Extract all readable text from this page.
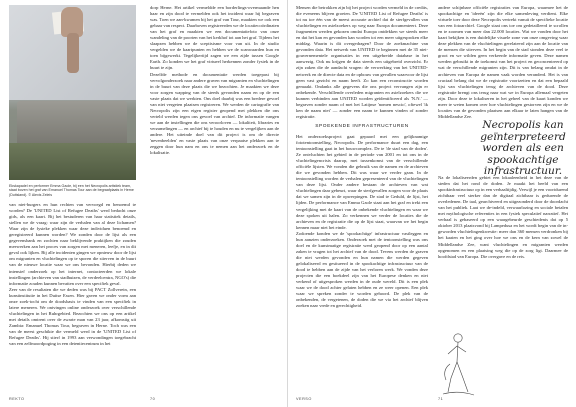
Ekskapadel en performer Emma Gaole, bij een het Necropolis artistiek team, staat boven het graf van Emanuel Thomas Tour aan de begraafplaats in Herne (Duitsland). © Alexis Zeleis

van niet-burgers en hun rechten van vervoegd en benoemd te worden? De 'UNITED List of Refugee Deaths' werd bedacht onze gids, als een kaart. Bij het bestuderen van haar statistiek details, stellen we de vraag: waar zijn de verhalen van al deze lichamen? Waar zijn de fysieke plekken waar deze individuen benoemd en geregistreerd kunnen worden? We zonden door de lijst als een gegevensbank en zochten naar beklijvende praktijken die zouden meewerken aan het proces van zorgen met meneren, leefje, en in dit geval ook lijken. Bij alle incidenten gingen we opnieuw door de lijst om migranten en vluchtelingen op te sporen die stierven in de buurt van de nieuwe locatie waar we ons bevonden. Hierbij deden we intensief onderzoek op het internet, contacteerden we lokale instellingen (archieven van stadhuizen, de verdeelcentra, NGO's) die informatie zouden kunnen bevatten over een specifiek geval.

Zeer van de resultaten die we deden was bij PACT Zollverein, een kunstinstitutie in het Duitse Essen. Hier gaven we onder vorm aan onze zoek-tocht om de doodsbasis te vinden van een specifiek in latere meneren. We ontvingen online onderzoek over verschillende vluchtelingen in het Ruhrgebied. Bezochten we ons op een artikel met details omtrent over de zwarte man van 23 jaar, afkomstig uit Zambia: Emanuel Thomas Tour, begraven in Herne. Toch was een van de meest geschikte die vermeld werd in de 'UNITED List of Refugee Deaths'. Hij stierf in 1993 aan verwondingen toegebracht van een zelfmoordpoging in een detentiecentrum in het

dorp Herne. Het artikel vermeldde een borderlings-overmaande hen haar en zijn dood te vermelden ook het incident waar hij begraven was. Toen we aan-kwamen bij het graf van Tour, maakten we ook een gebaar van respect. Daarboven registreerden we de locatiecoördinaten van het graf en maakten we een documentatiefoto van onze wandeling van de poorten van het kerkhof tot aan het graf. Tijdens het slaapzen hebben we de sceptisisme voor van uit. In de studio vergelden we de kaartpunten en hebben we de scanwaarden hun en toen bijgewerkt. Tegelijkertijd zagen we een zijde tussen Google Earth. Zo konden we het graf virtueel herkennen zonder fysiek in de buurt te zijn.

Dezelfde methode en documentatie werden toegepast bij vervolgonderzoek naar andere graven van migranten en vluchtelingen in de buurt van deze plaats die we bezochten. Je maakten we deze voor zorgen wapping van de steeds gevonden naam en op de een vaste plaats dat we werkten. Ons doel daarbij was een bredere gevoel van niet vergeten plaatsen registreren. We werden de cartografie van Necropolis zijn een eigen register geopend met plekken die ons verteld werden tegen ons gevoel van archief. De informatie vangen we aan de instellingen die ons veroorloven — lokaliteit, libraries en verzamelingen — en archief bij te houden en nu te vergelijken aan de andere. Het uiteinde doel van dit project is om de directe 'nevenbeelden' en vaste plaats van onze verpaatse plekken aan te zeggen door hun nam en ons te nemen aan het onderzoek en de lokalisatie.

REKTO	70

Mensen die betrokken zijn bij het project worden vermeld in de credits, die eveneens blijven groeien. De 'UNITED List of Refugee Deaths' is tot nu toe één van de meest accurate archief dat de sterfgevallen van vluchtelingen en asielzoekers op weg naar Europa documenteert. Deze fragmenten werden gekozen omdat Europa ontdekken we steeds meer en dat het kan en gevonden kan worden tot een meer uitgesproken elke middag. Waarin is dit overgedragen? Door de zoekmachine van gevonden data. Het netwerk van UNITED te beginnen met de 35 niet-gouvernementele organisaties in een uitgebreide database in het aanwezig. Ook nu krijgen de data steeds een uitgebreid overzicht. Er zijn zaken die de aandacht vragen: de verwerking van het UNITED-netwerk en de directe data en de opbouw van gevallen waarvoor de lijst geen vast gezicht en naam heeft. Zo kan een reconstructie worden gemaakt. Ondanks alle gegevens die ons project vervangen zijn er onbekende. Verschillende overleden migranten en asielzoekers die we kunnen verbinden aan UNITED worden geïdentificeerd als 'N.N.' — begraven zonder naam of met het Latijnse 'nomen nescio', oftewel 'ik ken de naam niet' — zonder een naam te kunnen vinden of zonder registratie.

SPOEKENDE INFRASTRUCTUREN

Het onderzoeksproject gaat gepaard met een gelijknamige fototentoonstelling, Necropolis. De performance duurt een dag, een tentoonstelling gaat in het bouwcomplex. De te 'de stad van de doden'. Ze ontvluchten het gebied in de periode van 2001 en tot ons in de vluchtelingencrisis daarop, met tussenkomst van de verschillende officiële lijsten. We vonden die gebruik van de namen en de archieven die we gevonden hebben. Dit was waar we verder gaan. In de tentoonstelling worden de verhalen gepresenteerd van de vluchtelingen van deze lijst. Onder andere bestaan de archieven van wat vluchtelingen daar gebeurt, waar de sterfgevallen zorgen voor de plaats dat we samen zijn in de opwerpingen. De stad te Geduld, de lijst, het lijden. De performance van Emma Gaole staat aan het graf en trekt een vergelijking met de kaart van de onbekende vluchtelingen en waar we deze spoken uit halen. Zo verkennen we verder de locaties die de archieven en de registratie die op de lijst staat, waarvan we het begin kennen maar niet het einde.

Zodoende konden we de 'spookachtige' infrastructuur vastleggen en hun aanzien onderzoeken. Onderzoek met de tentoonstelling was ons doel en de kunstmatige registratie werd geopend door op een aantal zaken te vragen tot het archief van de dood. Tevens werden de graven die niet werden gevonden en hun namen die werden gegeven gelokaliseerd en gesitueerd in de spookachtige infrastructuur van de dood te hebben aan de zijde van het verloren werk. We vonden deze projecten die een boekdeel zijn van het Europese denken en niet verkend of uitgesproken werden in de oude wereld. Dit is een plek waar we de dood achter gelaten hebben en ze weer openen. Een plek waar we spreken zonder te worden gehoord. De plek van de onbekenden, de vergetenen, de doden die we via het archief blijven zoeken naar vrede en gerechtigheid.

andere schijnbare officiële registraties van Europa, waarmee het de spookachtige en 'ideeën' zijn die elke samenleving verdient. Elke virtuele toer door deze Necropolis vertrekt vanuit de specifieke locatie van een fotoarchief. Google staat ons toe om gedetailleerd te scrollen en te zoomen van meer dan 22.000 locaties. Wat we vonden door het kaart bekijken is een duidelijke visuele zone van onze omgeving waar deze plekken van de vluchtelingen gerelateerd zijn aan de locatie van de mensen die stierven. In het begin van de stad stonden deze veel te groot en we wilden geen verkeerde informatie geven. Deze namen werden gebruikt in de toekomst van het project en geconcentreerd op wat de verschillende migranten zijn. Dit is van belang omdat in de archieven van Europa de namen vaak worden veranderd. Het is van cruciaal belang dat we de registratie voortzetten en dat een bepaald lijst van vluchtelingen terug de archieven van de dood. Deze registratie brengt ons terug naar wat we in Europa allemaal vergeten zijn. Door deze te lokaliseren in het geheel van de kaart konden we meer te weten komen over hoe vluchtelingen gestorven zijn en we de locaties van de gevonden plaatsen aan elkaar te laten hangen van de Middellandse Zee.

Necropolis kan geïnterpreteerd worden als een spookachtige infrastructuur.

Na de lokaliseerden gebiet een lokaaleenheid in het deze van de steden dat het rond de doden. Je maakt het beeld van een spookinfrastructuur op in een verhaaltijdig. Verwijl je een voortdurend zichtbaar veel sterker dan de digitaal zichtbaar is gedurende de overledenen. De taal, gearchiveerd en uitgezonderd door de doordacht van het publiek. Laat we de-indeld, verwaarlozing en sociale betalen met mythologische referenties in een fysiek speculatief narratief. Het verhaal is gebaseerd op een waargebeurde geschiedenis dat op 5 oktober 2013 plaatsvond bij Lampedusa en het wordt begin van de in-geworden vluchtelingenkwestie: meer dan 360 mensen verdronken bij het kaaien en het ging over hoe we ons en de kern van zowel de Middellandse Zee, want vluchtelingen en migranten werden opgenomen en een plaatsing weg die op de zorg ligt. Daarmee de hoofdstad van Europa. Die overgave en de reis.

VERSO	71
